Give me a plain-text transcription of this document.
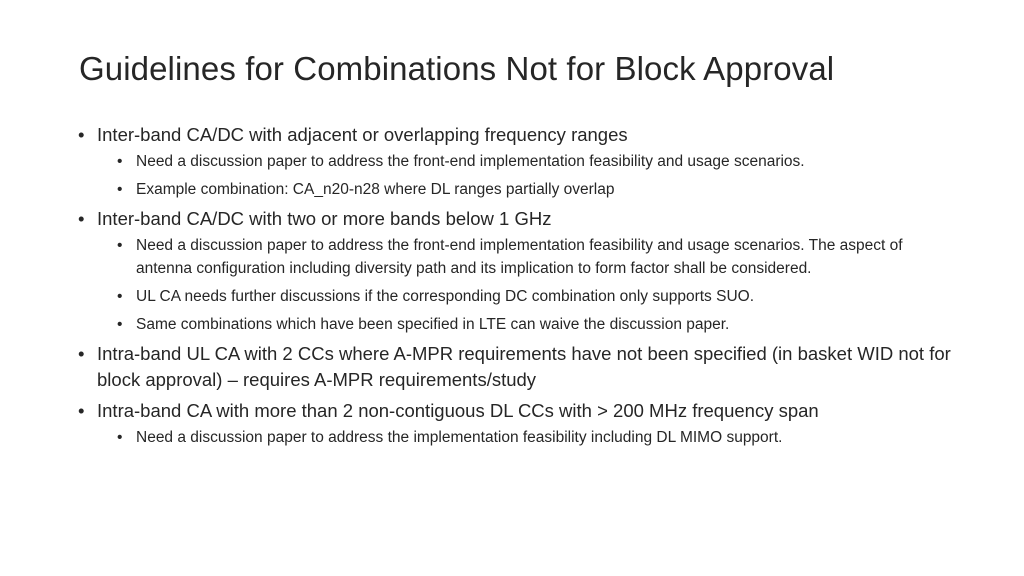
Guidelines for Combinations Not for Block Approval
• Inter-band CA/DC with adjacent or overlapping frequency ranges
• Need a discussion paper to address the front-end implementation feasibility and usage scenarios.
• Example combination: CA_n20-n28 where DL ranges partially overlap
• Inter-band CA/DC with two or more bands below 1 GHz
• Need a discussion paper to address the front-end implementation feasibility and usage scenarios. The aspect of antenna configuration including diversity path and its implication to form factor shall be considered.
• UL CA needs further discussions if the corresponding DC combination only supports SUO.
• Same combinations which have been specified in LTE can waive the discussion paper.
• Intra-band UL CA with 2 CCs where A-MPR requirements have not been specified (in basket WID not for block approval) – requires A-MPR requirements/study
• Intra-band CA with more than 2 non-contiguous DL CCs with > 200 MHz frequency span
• Need a discussion paper to address the implementation feasibility including DL MIMO support.
